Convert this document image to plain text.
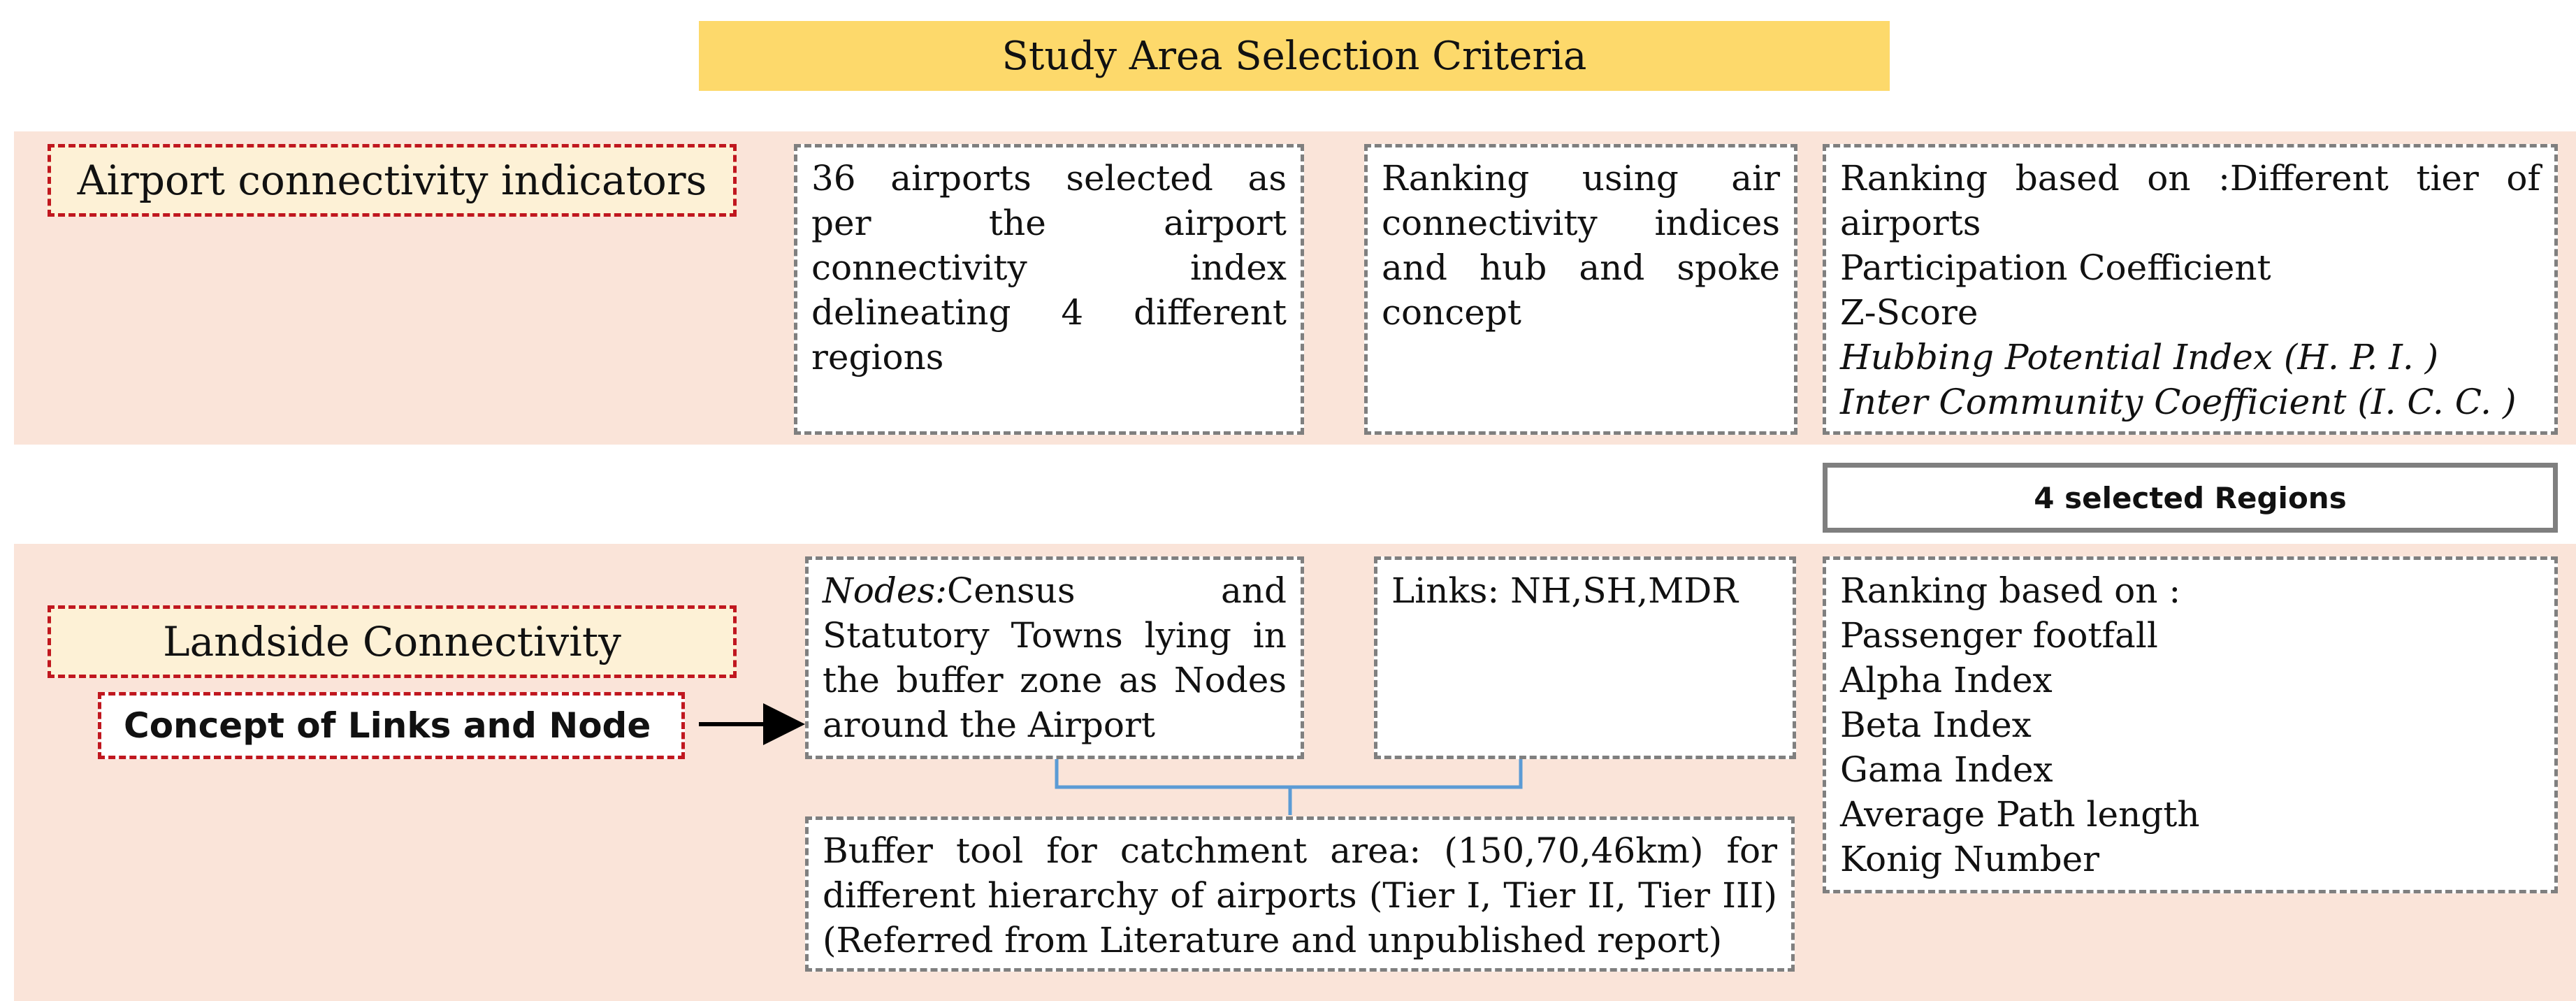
Study Area Selection Criteria
Airport connectivity indicators	36 airports selected as per the airport connectivity index delineating 4 different regions

Ranking using air connectivity indices and hub and spoke concept

Ranking based on :Different tier of airports

Participation Coefficient

Z-Score

Hubbing Potential Index (H. P. I. )

Inter Community Coefficient (I. C. C. )

4 selected Regions
Landside Connectivity
Concept of Links and Node

Nodes:Census and Statutory Towns lying in the buffer zone as Nodes around the Airport

Links: NH,SH,MDR

Buffer tool for catchment area: (150,70,46km) for different hierarchy of airports (Tier I, Tier II, Tier III) (Referred from Literature and unpublished report)

Ranking based on :

Passenger footfall

Alpha Index

Beta Index

Gama Index

Average Path length

Konig Number
